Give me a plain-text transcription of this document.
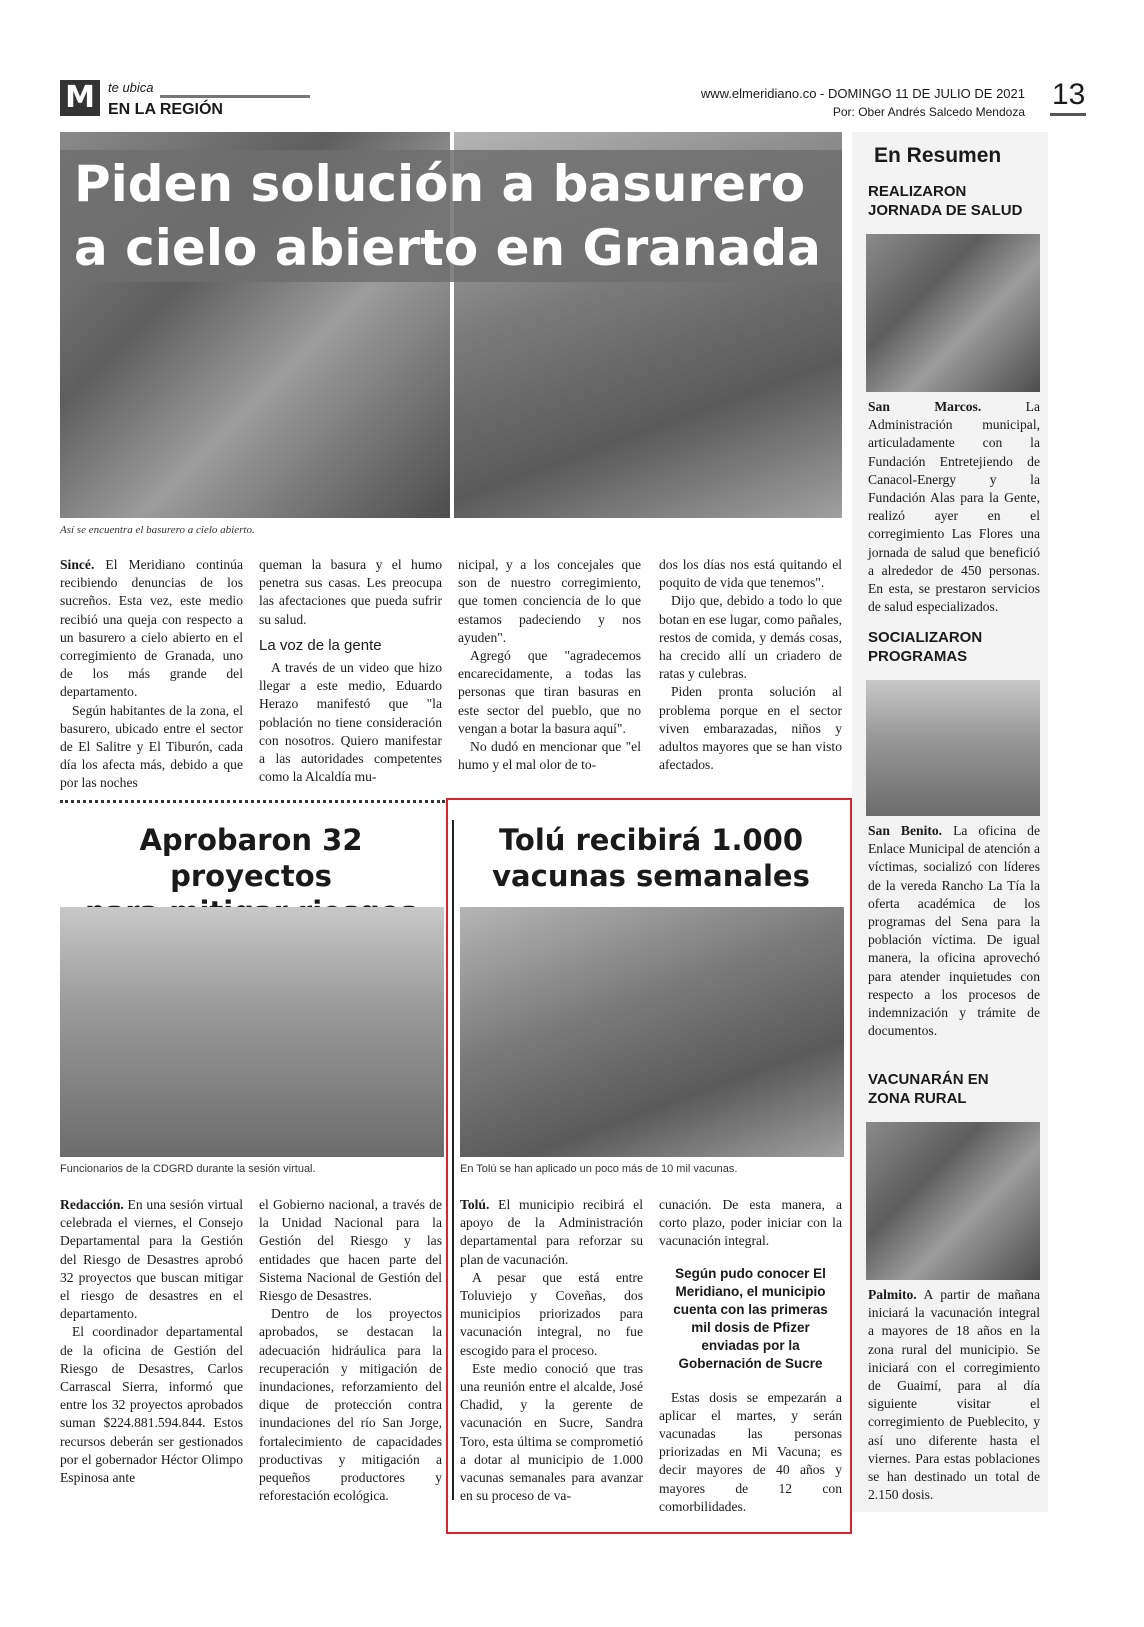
M	te ubica
EN LA REGIÓN
www.elmeridiano.co - DOMINGO 11 DE JULIO DE 2021
Por: Ober Andrés Salcedo Mendoza
13
Piden solución a basurero
a cielo abierto en Granada
Así se encuentra el basurero a cielo abierto.

Sincé. El Meridiano continúa recibiendo denuncias de los sucreños. Esta vez, este medio recibió una queja con respecto a un basurero a cielo abierto en el corregimiento de Granada, uno de los más grande del departamento.

Según habitantes de la zona, el basurero, ubicado entre el sector de El Salitre y El Tiburón, cada día los afecta más, debido a que por las noches

queman la basura y el humo penetra sus casas. Les preocupa las afectaciones que pueda sufrir su salud.

La voz de la gente

A través de un video que hizo llegar a este medio, Eduardo Herazo manifestó que "la población no tiene consideración con nosotros. Quiero manifestar a las autoridades competentes como la Alcaldía mu-

nicipal, y a los concejales que son de nuestro corregimiento, que tomen conciencia de lo que estamos padeciendo y nos ayuden".

Agregó que "agradecemos encarecidamente, a todas las personas que tiran basuras en este sector del pueblo, que no vengan a botar la basura aquí".

No dudó en mencionar que "el humo y el mal olor de to-

dos los días nos está quitando el poquito de vida que tenemos".

Dijo que, debido a todo lo que botan en ese lugar, como pañales, restos de comida, y demás cosas, ha crecido allí un criadero de ratas y culebras.

Piden pronta solución al problema porque en el sector viven embarazadas, niños y adultos mayores que se han visto afectados.

Aprobaron 32 proyectos
Funcionarios de la CDGRD durante la sesión virtual.

Redacción. En una sesión virtual celebrada el viernes, el Consejo Departamental para la Gestión del Riesgo de Desastres aprobó 32 proyectos que buscan mitigar el riesgo de desastres en el departamento.

El coordinador departamental de la oficina de Gestión del Riesgo de Desastres, Carlos Carrascal Sierra, informó que entre los 32 proyectos aprobados suman $224.881.594.844. Estos recursos deberán ser gestionados por el gobernador Héctor Olimpo Espinosa ante

el Gobierno nacional, a través de la Unidad Nacional para la Gestión del Riesgo y las entidades que hacen parte del Sistema Nacional de Gestión del Riesgo de Desastres.

Dentro de los proyectos aprobados, se destacan la adecuación hidráulica para la recuperación y mitigación de inundaciones, reforzamiento del dique de protección contra inundaciones del río San Jorge, fortalecimiento de capacidades productivas y mitigación a pequeños productores y reforestación ecológica.

Tolú recibirá 1.000
vacunas semanales
En Tolú se han aplicado un poco más de 10 mil vacunas.

Tolú. El municipio recibirá el apoyo de la Administración departamental para reforzar su plan de vacunación.

A pesar que está entre Toluviejo y Coveñas, dos municipios priorizados para vacunación integral, no fue escogido para el proceso.

Este medio conoció que tras una reunión entre el alcalde, José Chadid, y la gerente de vacunación en Sucre, Sandra Toro, esta última se comprometió a dotar al municipio de 1.000 vacunas semanales para avanzar en su proceso de va-

cunación. De esta manera, a corto plazo, poder iniciar con la vacunación integral.

Según pudo conocer El Meridiano, el municipio cuenta con las primeras mil dosis de Pfizer enviadas por la Gobernación de Sucre

Estas dosis se empezarán a aplicar el martes, y serán vacunadas las personas priorizadas en Mi Vacuna; es decir mayores de 40 años y mayores de 12 con comorbilidades.

En Resumen
REALIZARON
JORNADA DE SALUD
San Marcos. La Administración municipal, articuladamente con la Fundación Entretejiendo de Canacol-Energy y la Fundación Alas para la Gente, realizó ayer en el corregimiento Las Flores una jornada de salud que benefició a alrededor de 450 personas. En esta, se prestaron servicios de salud especializados.
SOCIALIZARON
PROGRAMAS
San Benito. La oficina de Enlace Municipal de atención a víctimas, socializó con líderes de la vereda Rancho La Tía la oferta académica de los programas del Sena para la población víctima. De igual manera, la oficina aprovechó para atender inquietudes con respecto a los procesos de indemnización y trámite de documentos.
VACUNARÁN EN
ZONA RURAL
Palmito. A partir de mañana iniciará la vacunación integral a mayores de 18 años en la zona rural del municipio. Se iniciará con el corregimiento de Guaimí, para al día siguiente visitar el corregimiento de Pueblecito, y así uno diferente hasta el viernes. Para estas poblaciones se han destinado un total de 2.150 dosis.
